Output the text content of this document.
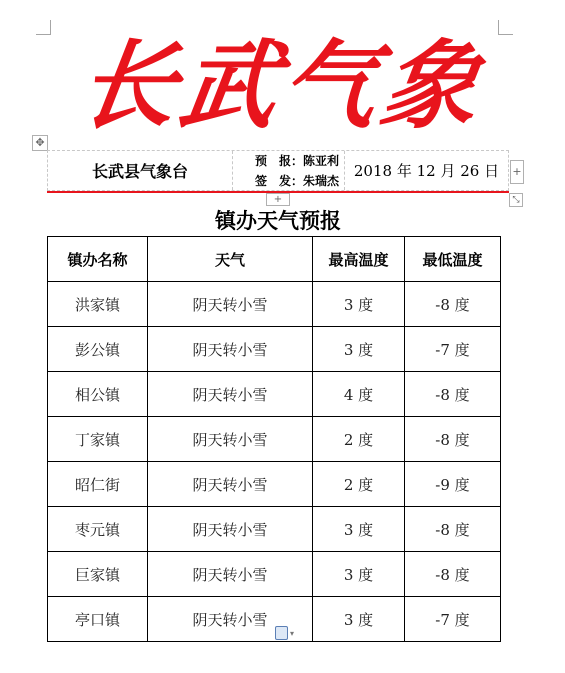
长
武
气
象
✥
长武县气象台
预　报：陈亚利
签　发：朱瑞杰
2018 年 12 月 26 日	+
+	⤡
镇办天气预报
镇办名称	天气	最高温度	最低温度
洪家镇	阴天转小雪	3 度	-8 度
彭公镇	阴天转小雪	3 度	-7 度
相公镇	阴天转小雪	4 度	-8 度
丁家镇	阴天转小雪	2 度	-8 度
昭仁街	阴天转小雪	2 度	-9 度
枣元镇	阴天转小雪	3 度	-8 度
巨家镇	阴天转小雪	3 度	-8 度
亭口镇	阴天转小雪	3 度	-7 度
▾
